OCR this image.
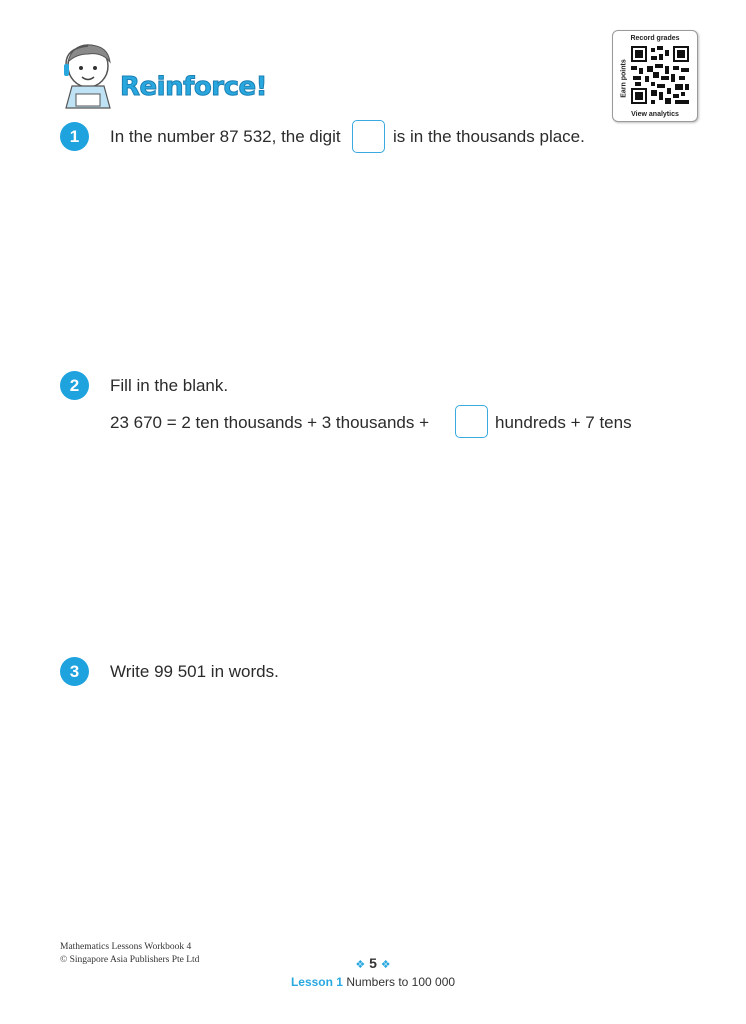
Reinforce!
Record grades
Earn points
View analytics
1	In the number 87 532, the digit	is in the thousands place.
2	Fill in the blank.
23 670 = 2 ten thousands + 3 thousands +	hundreds + 7 tens
3	Write 99 501 in words.
Mathematics Lessons Workbook 4
© Singapore Asia Publishers Pte Ltd	❖ 5 ❖
Lesson 1 Numbers to 100 000
